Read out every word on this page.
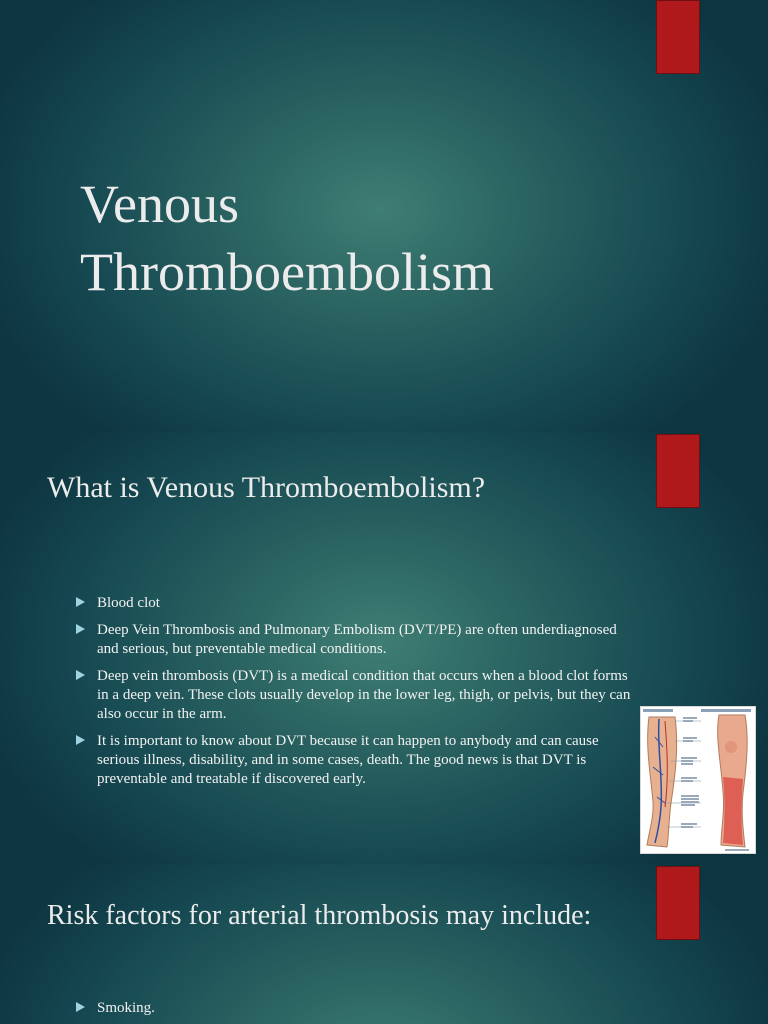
Venous Thromboembolism
What is Venous Thromboembolism?
Blood clot
Deep Vein Thrombosis and Pulmonary Embolism (DVT/PE) are often underdiagnosed and serious, but preventable medical conditions.
Deep vein thrombosis (DVT) is a medical condition that occurs when a blood clot forms in a deep vein. These clots usually develop in the lower leg, thigh, or pelvis, but they can also occur in the arm.
It is important to know about DVT because it can happen to anybody and can cause serious illness, disability, and in some cases, death. The good news is that DVT is preventable and treatable if discovered early.
Risk factors for arterial thrombosis may include:
Smoking.
